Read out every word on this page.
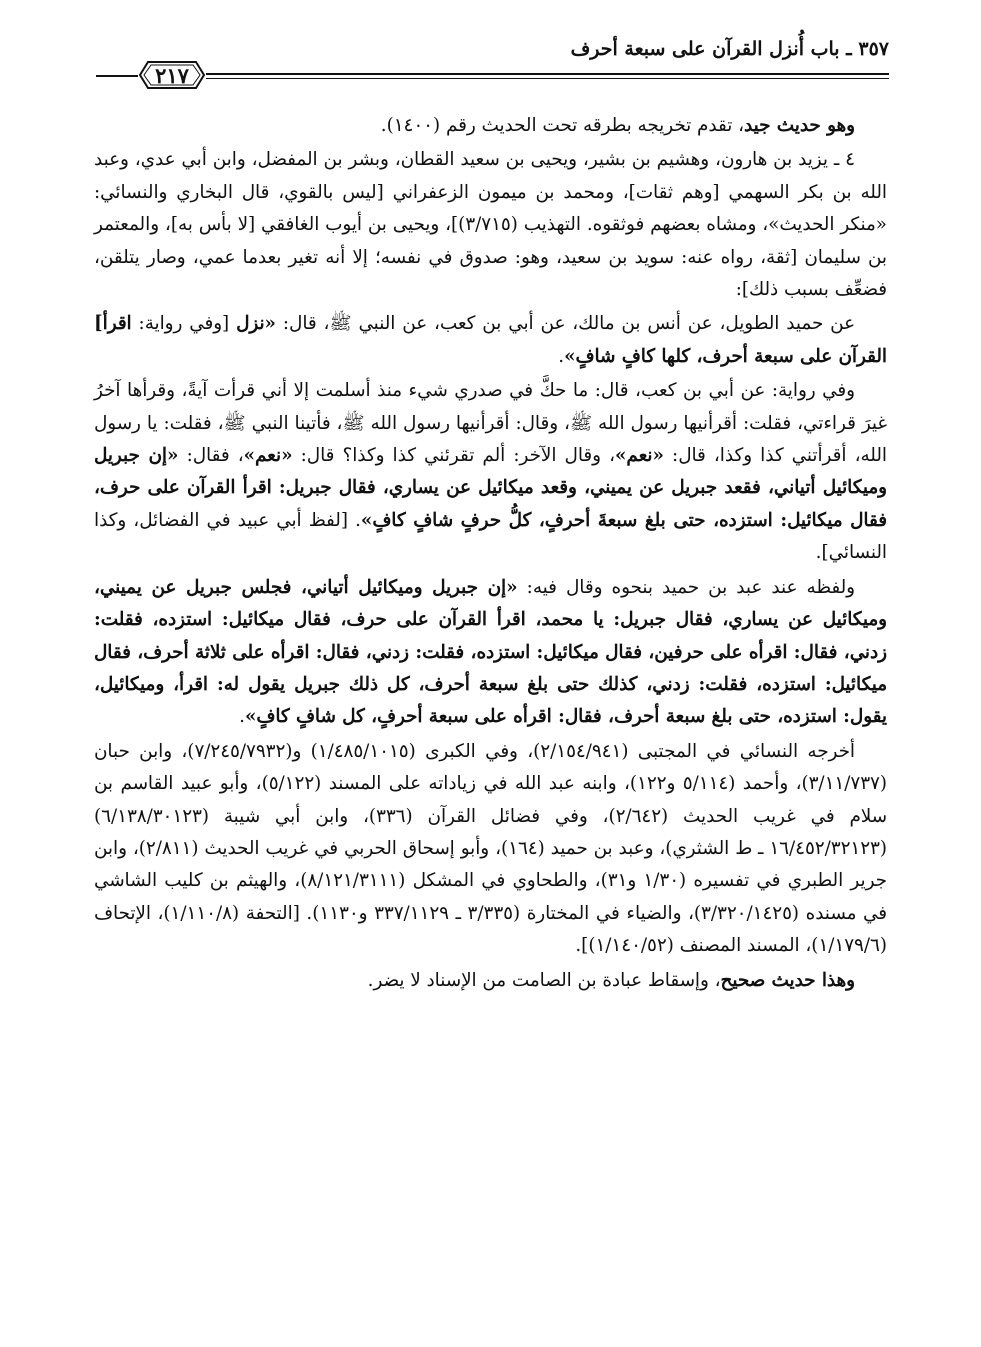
٣٥٧ ـ باب أُنزل القرآن على سبعة أحرف
٢١٧

وهو حديث جيد، تقدم تخريجه بطرقه تحت الحديث رقم (١٤٠٠).

٤ ـ يزيد بن هارون، وهشيم بن بشير، ويحيى بن سعيد القطان، وبشر بن المفضل، وابن أبي عدي، وعبد الله بن بكر السهمي [وهم ثقات]، ومحمد بن ميمون الزعفراني [ليس بالقوي، قال البخاري والنسائي: «منكر الحديث»، ومشاه بعضهم فوثقوه. التهذيب (٣/٧١٥)]، ويحيى بن أيوب الغافقي [لا بأس به]، والمعتمر بن سليمان [ثقة، رواه عنه: سويد بن سعيد، وهو: صدوق في نفسه؛ إلا أنه تغير بعدما عمي، وصار يتلقن، فضعِّف بسبب ذلك]:

عن حميد الطويل، عن أنس بن مالك، عن أبي بن كعب، عن النبي ﷺ، قال: «نزل [وفي رواية: اقرأ] القرآن على سبعة أحرف، كلها كافٍ شافٍ».

وفي رواية: عن أبي بن كعب، قال: ما حكَّ في صدري شيء منذ أسلمت إلا أني قرأت آيةً، وقرأها آخرُ غيرَ قراءتي، فقلت: أقرأنيها رسول الله ﷺ، وقال: أقرأنيها رسول الله ﷺ، فأتينا النبي ﷺ، فقلت: يا رسول الله، أقرأتني كذا وكذا، قال: «نعم»، وقال الآخر: ألم تقرئني كذا وكذا؟ قال: «نعم»، فقال: «إن جبريل وميكائيل أتياني، فقعد جبريل عن يميني، وقعد ميكائيل عن يساري، فقال جبريل: اقرأ القرآن على حرف، فقال ميكائيل: استزده، حتى بلغ سبعةَ أحرفٍ، كلُّ حرفٍ شافٍ كافٍ». [لفظ أبي عبيد في الفضائل، وكذا النسائي].

ولفظه عند عبد بن حميد بنحوه وقال فيه: «إن جبريل وميكائيل أتياني، فجلس جبريل عن يميني، وميكائيل عن يساري، فقال جبريل: يا محمد، اقرأ القرآن على حرف، فقال ميكائيل: استزده، فقلت: زدني، فقال: اقرأه على حرفين، فقال ميكائيل: استزده، فقلت: زدني، فقال: اقرأه على ثلاثة أحرف، فقال ميكائيل: استزده، فقلت: زدني، كذلك حتى بلغ سبعة أحرف، كل ذلك جبريل يقول له: اقرأ، وميكائيل، يقول: استزده، حتى بلغ سبعة أحرف، فقال: اقرأه على سبعة أحرفٍ، كل شافٍ كافٍ».

أخرجه النسائي في المجتبى (٢/١٥٤/٩٤١)، وفي الكبرى (١/٤٨٥/١٠١٥) و(٧/٢٤٥/٧٩٣٢)، وابن حبان (٣/١١/٧٣٧)، وأحمد (٥/١١٤ و١٢٢)، وابنه عبد الله في زياداته على المسند (٥/١٢٢)، وأبو عبيد القاسم بن سلام في غريب الحديث (٢/٦٤٢)، وفي فضائل القرآن (٣٣٦)، وابن أبي شيبة (٦/١٣٨/٣٠١٢٣) (١٦/٤٥٢/٣٢١٢٣ ـ ط الشثري)، وعبد بن حميد (١٦٤)، وأبو إسحاق الحربي في غريب الحديث (٢/٨١١)، وابن جرير الطبري في تفسيره (١/٣٠ و٣١)، والطحاوي في المشكل (٨/١٢١/٣١١١)، والهيثم بن كليب الشاشي في مسنده (٣/٣٢٠/١٤٢٥)، والضياء في المختارة (٣/٣٣٥ ـ ٣٣٧/١١٢٩ و١١٣٠). [التحفة (١/١١٠/٨)، الإتحاف (١/١٧٩/٦)، المسند المصنف (١/١٤٠/٥٢)].

وهذا حديث صحيح، وإسقاط عبادة بن الصامت من الإسناد لا يضر.
